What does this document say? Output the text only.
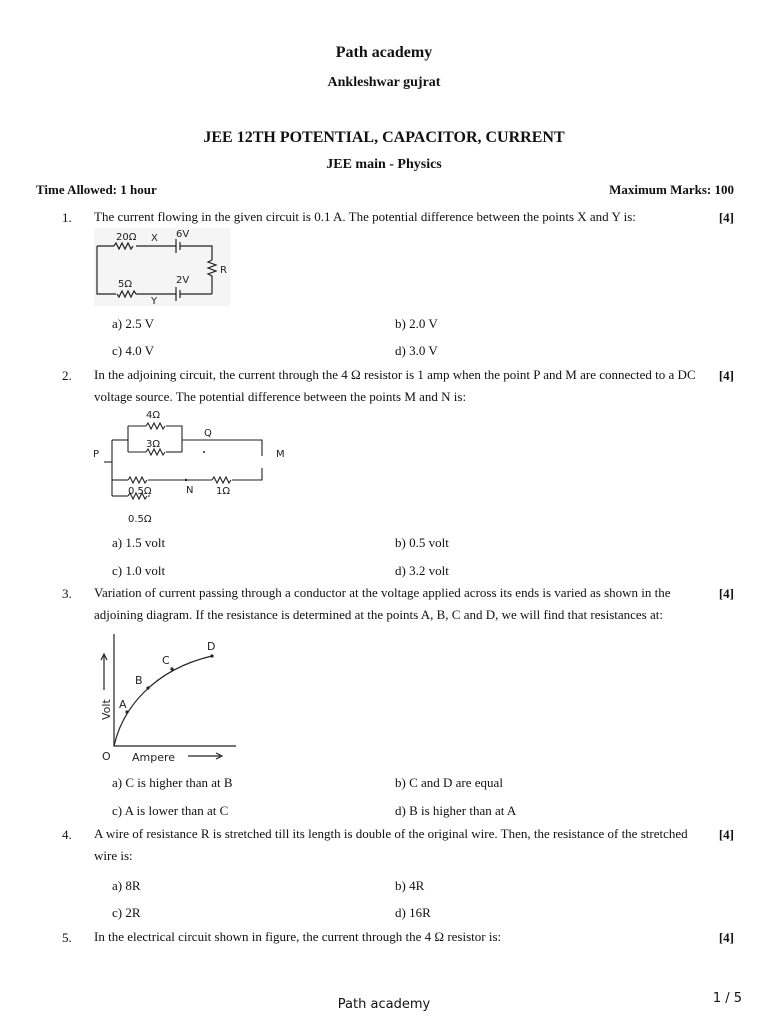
Path academy
Ankleshwar gujrat
JEE 12TH POTENTIAL, CAPACITOR, CURRENT
JEE main - Physics
Time Allowed: 1 hour	Maximum Marks: 100
1. The current flowing in the given circuit is 0.1 A. The potential difference between the points X and Y is:	[4]
20Ω X 6V
R
5Ω	2V
Y
a) 2.5 V	b) 2.0 V
c) 4.0 V	d) 3.0 V
2. In the adjoining circuit, the current through the 4 Ω resistor is 1 amp when the point P and M are connected to a DC voltage source. The potential difference between the points M and N is:
[4]
4Ω
Q
3Ω
P	M
0.5Ω	N 1Ω
0.5Ω
a) 1.5 volt	b) 0.5 volt
c) 1.0 volt	d) 3.2 volt
3. Variation of current passing through a conductor at the voltage applied across its ends is varied as shown in the adjoining diagram. If the resistance is determined at the points A, B, C and D, we will find that resistances at:
[4]
D
C
B
A
Volt
O Ampere
a) C is higher than at B	b) C and D are equal
c) A is lower than at C	d) B is higher than at A
4. A wire of resistance R is stretched till its length is double of the original wire. Then, the resistance of the stretched wire is:
[4]
a) 8R	b) 4R
c) 2R	d) 16R
5. In the electrical circuit shown in figure, the current through the 4 Ω resistor is:	[4]
Path academy	1 / 5
